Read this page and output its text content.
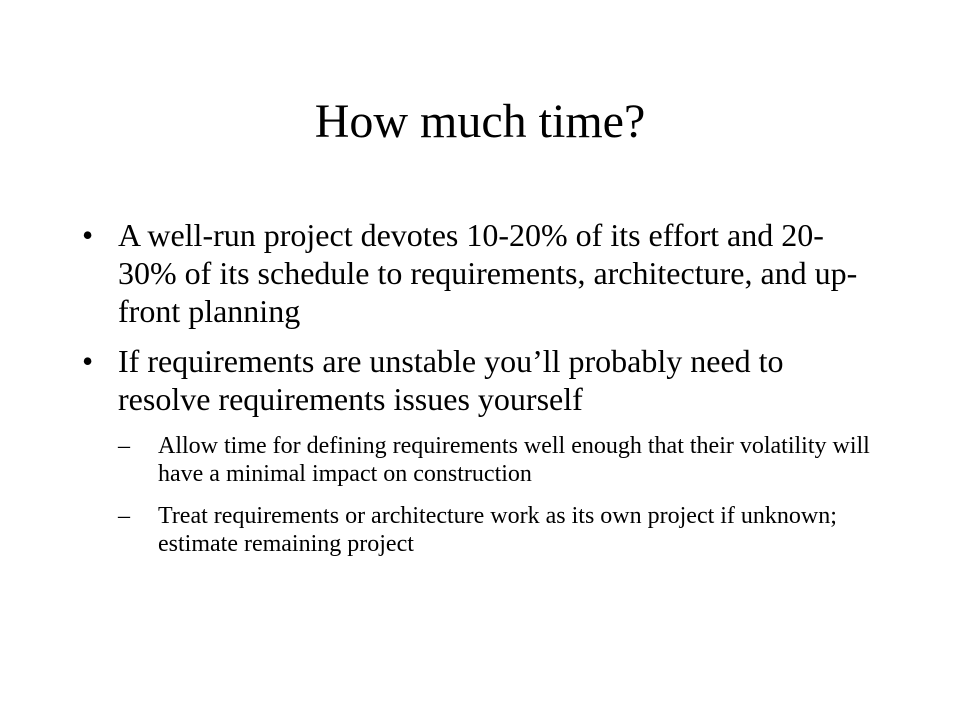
How much time?
• A well-run project devotes 10-20% of its effort and 20-30% of its schedule to requirements, architecture, and up-front planning
• If requirements are unstable you’ll probably need to resolve requirements issues yourself
– Allow time for defining requirements well enough that their volatility will have a minimal impact on construction
– Treat requirements or architecture work as its own project if unknown; estimate remaining project
